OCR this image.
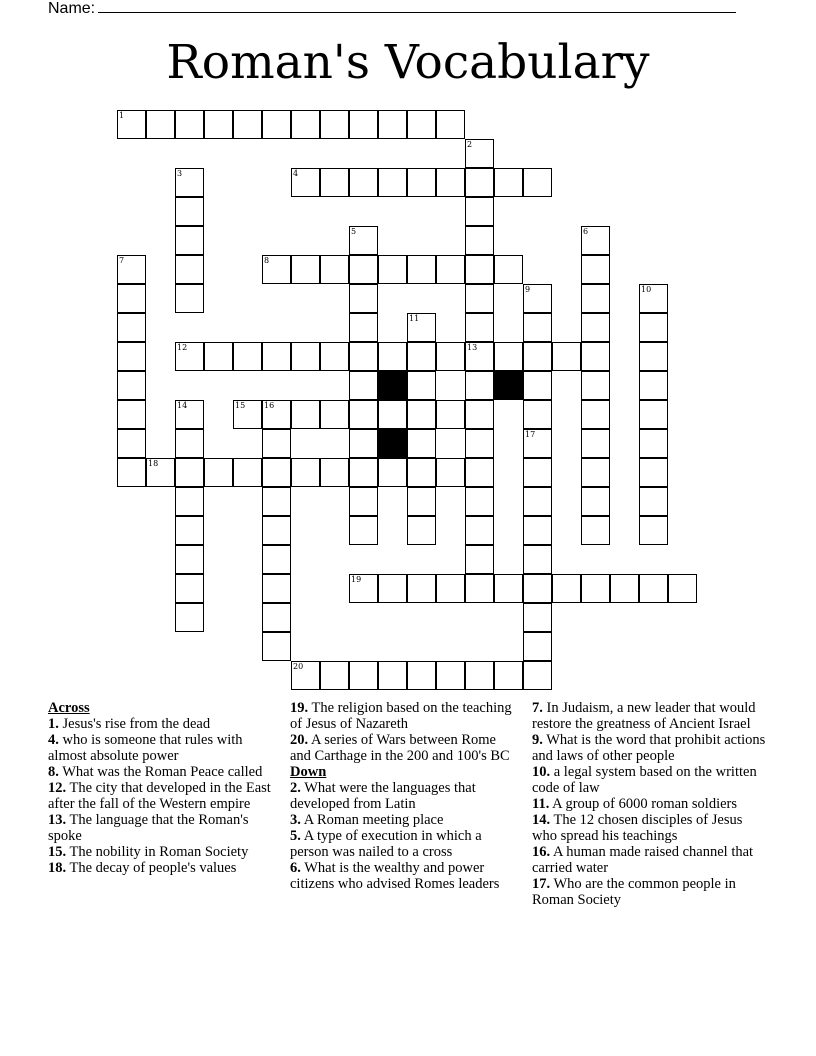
Name:
Roman's Vocabulary
1
4
8
12	13
15 16
18
19
20
2
3
5	6
7
9	10
11
14
17
Across
1. Jesus's rise from the dead
4. who is someone that rules with almost absolute power
8. What was the Roman Peace called
12. The city that developed in the East after the fall of the Western empire
13. The language that the Roman's spoke
15. The nobility in Roman Society
18. The decay of people's values
19. The religion based on the teaching of Jesus of Nazareth
20. A series of Wars between Rome and Carthage in the 200 and 100's BC
Down
2. What were the languages that developed from Latin
3. A Roman meeting place
5. A type of execution in which a person was nailed to a cross
6. What is the wealthy and power citizens who advised Romes leaders
7. In Judaism, a new leader that would restore the greatness of Ancient Israel
9. What is the word that prohibit actions and laws of other people
10. a legal system based on the written code of law
11. A group of 6000 roman soldiers
14. The 12 chosen disciples of Jesus who spread his teachings
16. A human made raised channel that carried water
17. Who are the common people in Roman Society
